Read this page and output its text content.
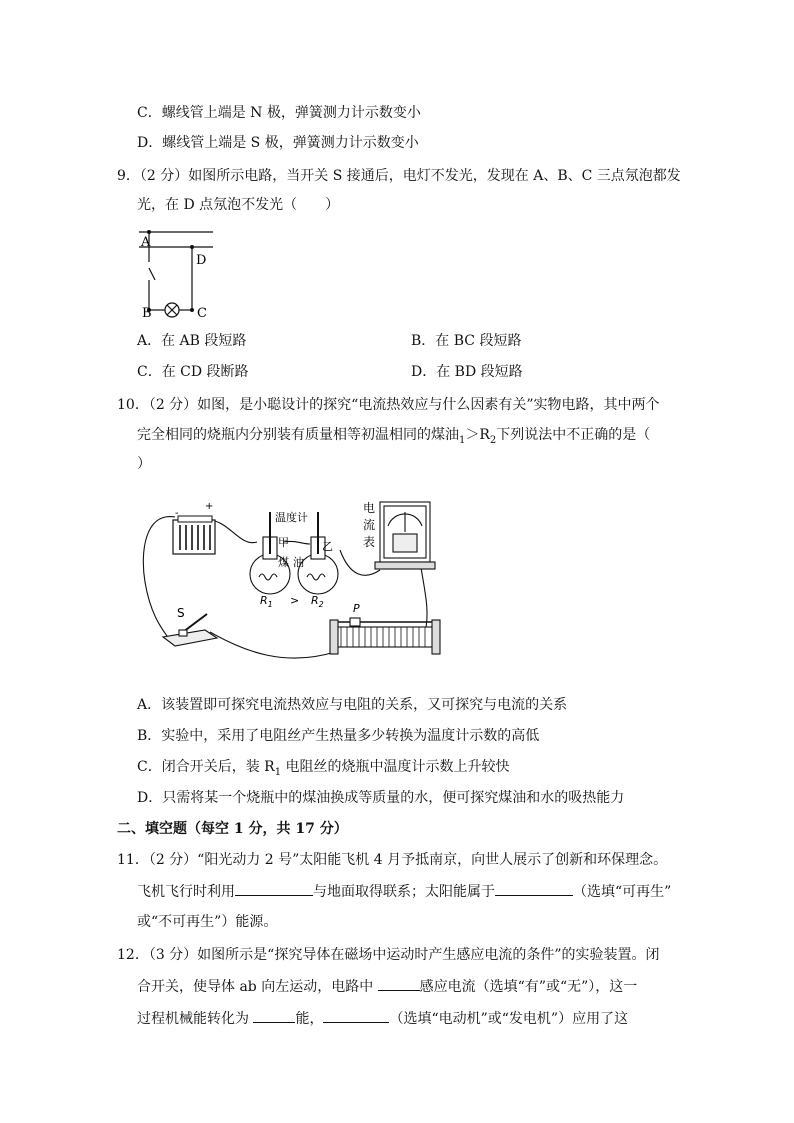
C．螺线管上端是 N 极，弹簧测力计示数变小
D．螺线管上端是 S 极，弹簧测力计示数变小
9．（2 分）如图所示电路，当开关 S 接通后，电灯不发光，发现在 A、B、C 三点氖泡都发
光，在 D 点氖泡不发光（　　）
A
D
B	C
A．在 AB 段短路	B．在 BC 段短路
C．在 CD 段断路	D．在 BD 段短路
10．（2 分）如图，是小聪设计的探究“电流热效应与什么因素有关”实物电路，其中两个
完全相同的烧瓶内分别装有质量相等初温相同的煤油$_1>R_2$下列说法中不正确的是（
）
-
+
温度计
甲	乙
煤 油
$R_1 > R_2$
电
流
表
S	P
A．该装置即可探究电流热效应与电阻的关系，又可探究与电流的关系
B．实验中，采用了电阻丝产生热量多少转换为温度计示数的高低
C．闭合开关后，装 $R_1$ 电阻丝的烧瓶中温度计示数上升较快
D．只需将某一个烧瓶中的煤油换成等质量的水，便可探究煤油和水的吸热能力
二、填空题（每空 1 分，共 17 分）
11．（2 分）“阳光动力 2 号”太阳能飞机 4 月予抵南京，向世人展示了创新和环保理念。
飞机飞行时利用	与地面取得联系；太阳能属于	（选填“可再生”
或“不可再生”）能源。
12．（3 分）如图所示是“探究导体在磁场中运动时产生感应电流的条件”的实验装置。闭
合开关，使导体 ab 向左运动，电路中	感应电流（选填“有”或“无”），这一
过程机械能转化为	能，	（选填“电动机”或“发电机”）应用了这
